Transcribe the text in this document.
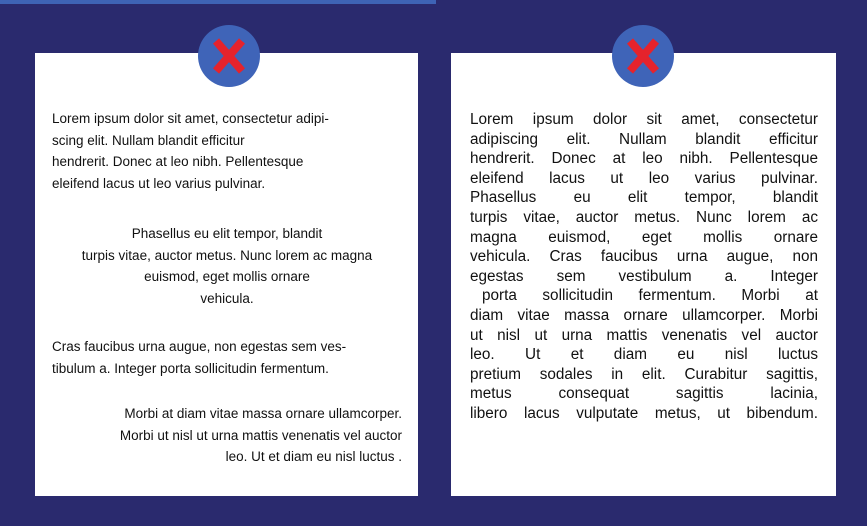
Lorem ipsum dolor sit amet, consectetur adipi-
scing elit. Nullam blandit efficitur
hendrerit. Donec at leo nibh. Pellentesque
eleifend lacus ut leo varius pulvinar.
Phasellus eu elit tempor, blandit
turpis vitae, auctor metus. Nunc lorem ac magna
euismod, eget mollis ornare
vehicula.
Cras faucibus urna augue, non egestas sem ves-
tibulum a. Integer porta sollicitudin fermentum.
Morbi at diam vitae massa ornare ullamcorper.
Morbi ut nisl ut urna mattis venenatis vel auctor
leo. Ut et diam eu nisl luctus .
Lorem ipsum dolor sit amet, consectetur
adipiscing elit. Nullam blandit efficitur
hendrerit. Donec at leo nibh. Pellentesque
eleifend lacus ut leo varius pulvinar.
Phasellus eu elit tempor, blandit
turpis vitae, auctor metus. Nunc lorem ac
magna euismod, eget mollis ornare
vehicula. Cras faucibus urna augue, non
egestas sem vestibulum a. Integer
porta sollicitudin fermentum. Morbi at
diam vitae massa ornare ullamcorper. Morbi
ut nisl ut urna mattis venenatis vel auctor
leo. Ut et diam eu nisl luctus
pretium sodales in elit. Curabitur sagittis,
metus consequat sagittis lacinia,
libero lacus vulputate metus, ut bibendum.
